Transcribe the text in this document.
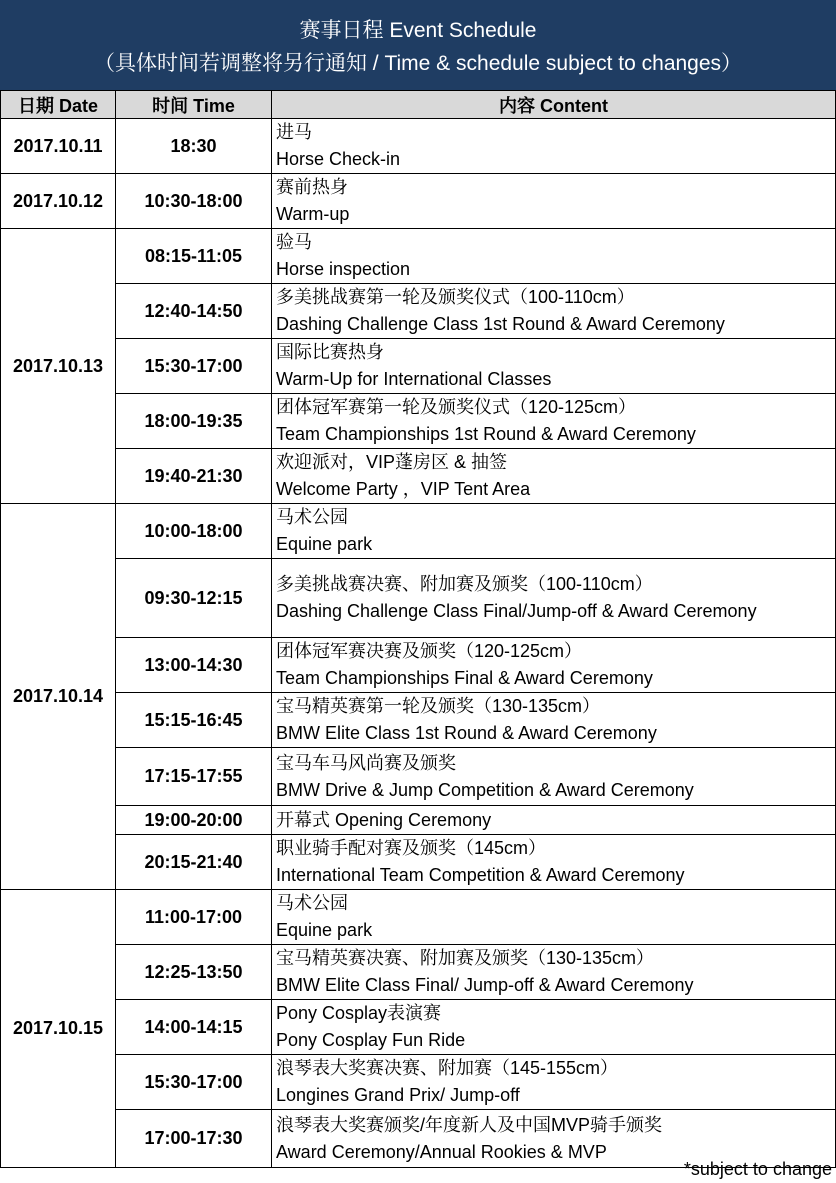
赛事日程 Event Schedule
（具体时间若调整将另行通知 / Time & schedule subject to changes）
日期 Date	时间 Time	内容 Content
2017.10.11	18:30	进马
Horse Check-in

2017.10.12	10:30-18:00	赛前热身
Warm-up

2017.10.13	08:15-11:05	验马
Horse inspection

	12:40-14:50	多美挑战赛第一轮及颁奖仪式（100-110cm）
Dashing Challenge Class 1st Round & Award Ceremony

	15:30-17:00	国际比赛热身
Warm-Up for International Classes

	18:00-19:35	团体冠军赛第一轮及颁奖仪式（120-125cm）
Team Championships 1st Round & Award Ceremony

	19:40-21:30	欢迎派对，VIP蓬房区 & 抽签
Welcome Party ，VIP Tent Area

2017.10.14	10:00-18:00	马术公园
Equine park

	09:30-12:15	多美挑战赛决赛、附加赛及颁奖（100-110cm）
Dashing Challenge Class Final/Jump-off & Award Ceremony

	13:00-14:30	团体冠军赛决赛及颁奖（120-125cm）
Team Championships Final & Award Ceremony

	15:15-16:45	宝马精英赛第一轮及颁奖（130-135cm）
BMW Elite Class 1st Round & Award Ceremony

	17:15-17:55	宝马车马风尚赛及颁奖
BMW Drive & Jump Competition & Award Ceremony

	19:00-20:00	开幕式 Opening Ceremony

	20:15-21:40	职业骑手配对赛及颁奖（145cm）
International Team Competition & Award Ceremony

2017.10.15	11:00-17:00	马术公园
Equine park

	12:25-13:50	宝马精英赛决赛、附加赛及颁奖（130-135cm）
BMW Elite Class Final/ Jump-off & Award Ceremony

	14:00-14:15	Pony Cosplay表演赛
Pony Cosplay Fun Ride

	15:30-17:00	浪琴表大奖赛决赛、附加赛（145-155cm）
Longines Grand Prix/ Jump-off

	17:00-17:30	浪琴表大奖赛颁奖/年度新人及中国MVP骑手颁奖
Award Ceremony/Annual Rookies & MVP
*subject to change
